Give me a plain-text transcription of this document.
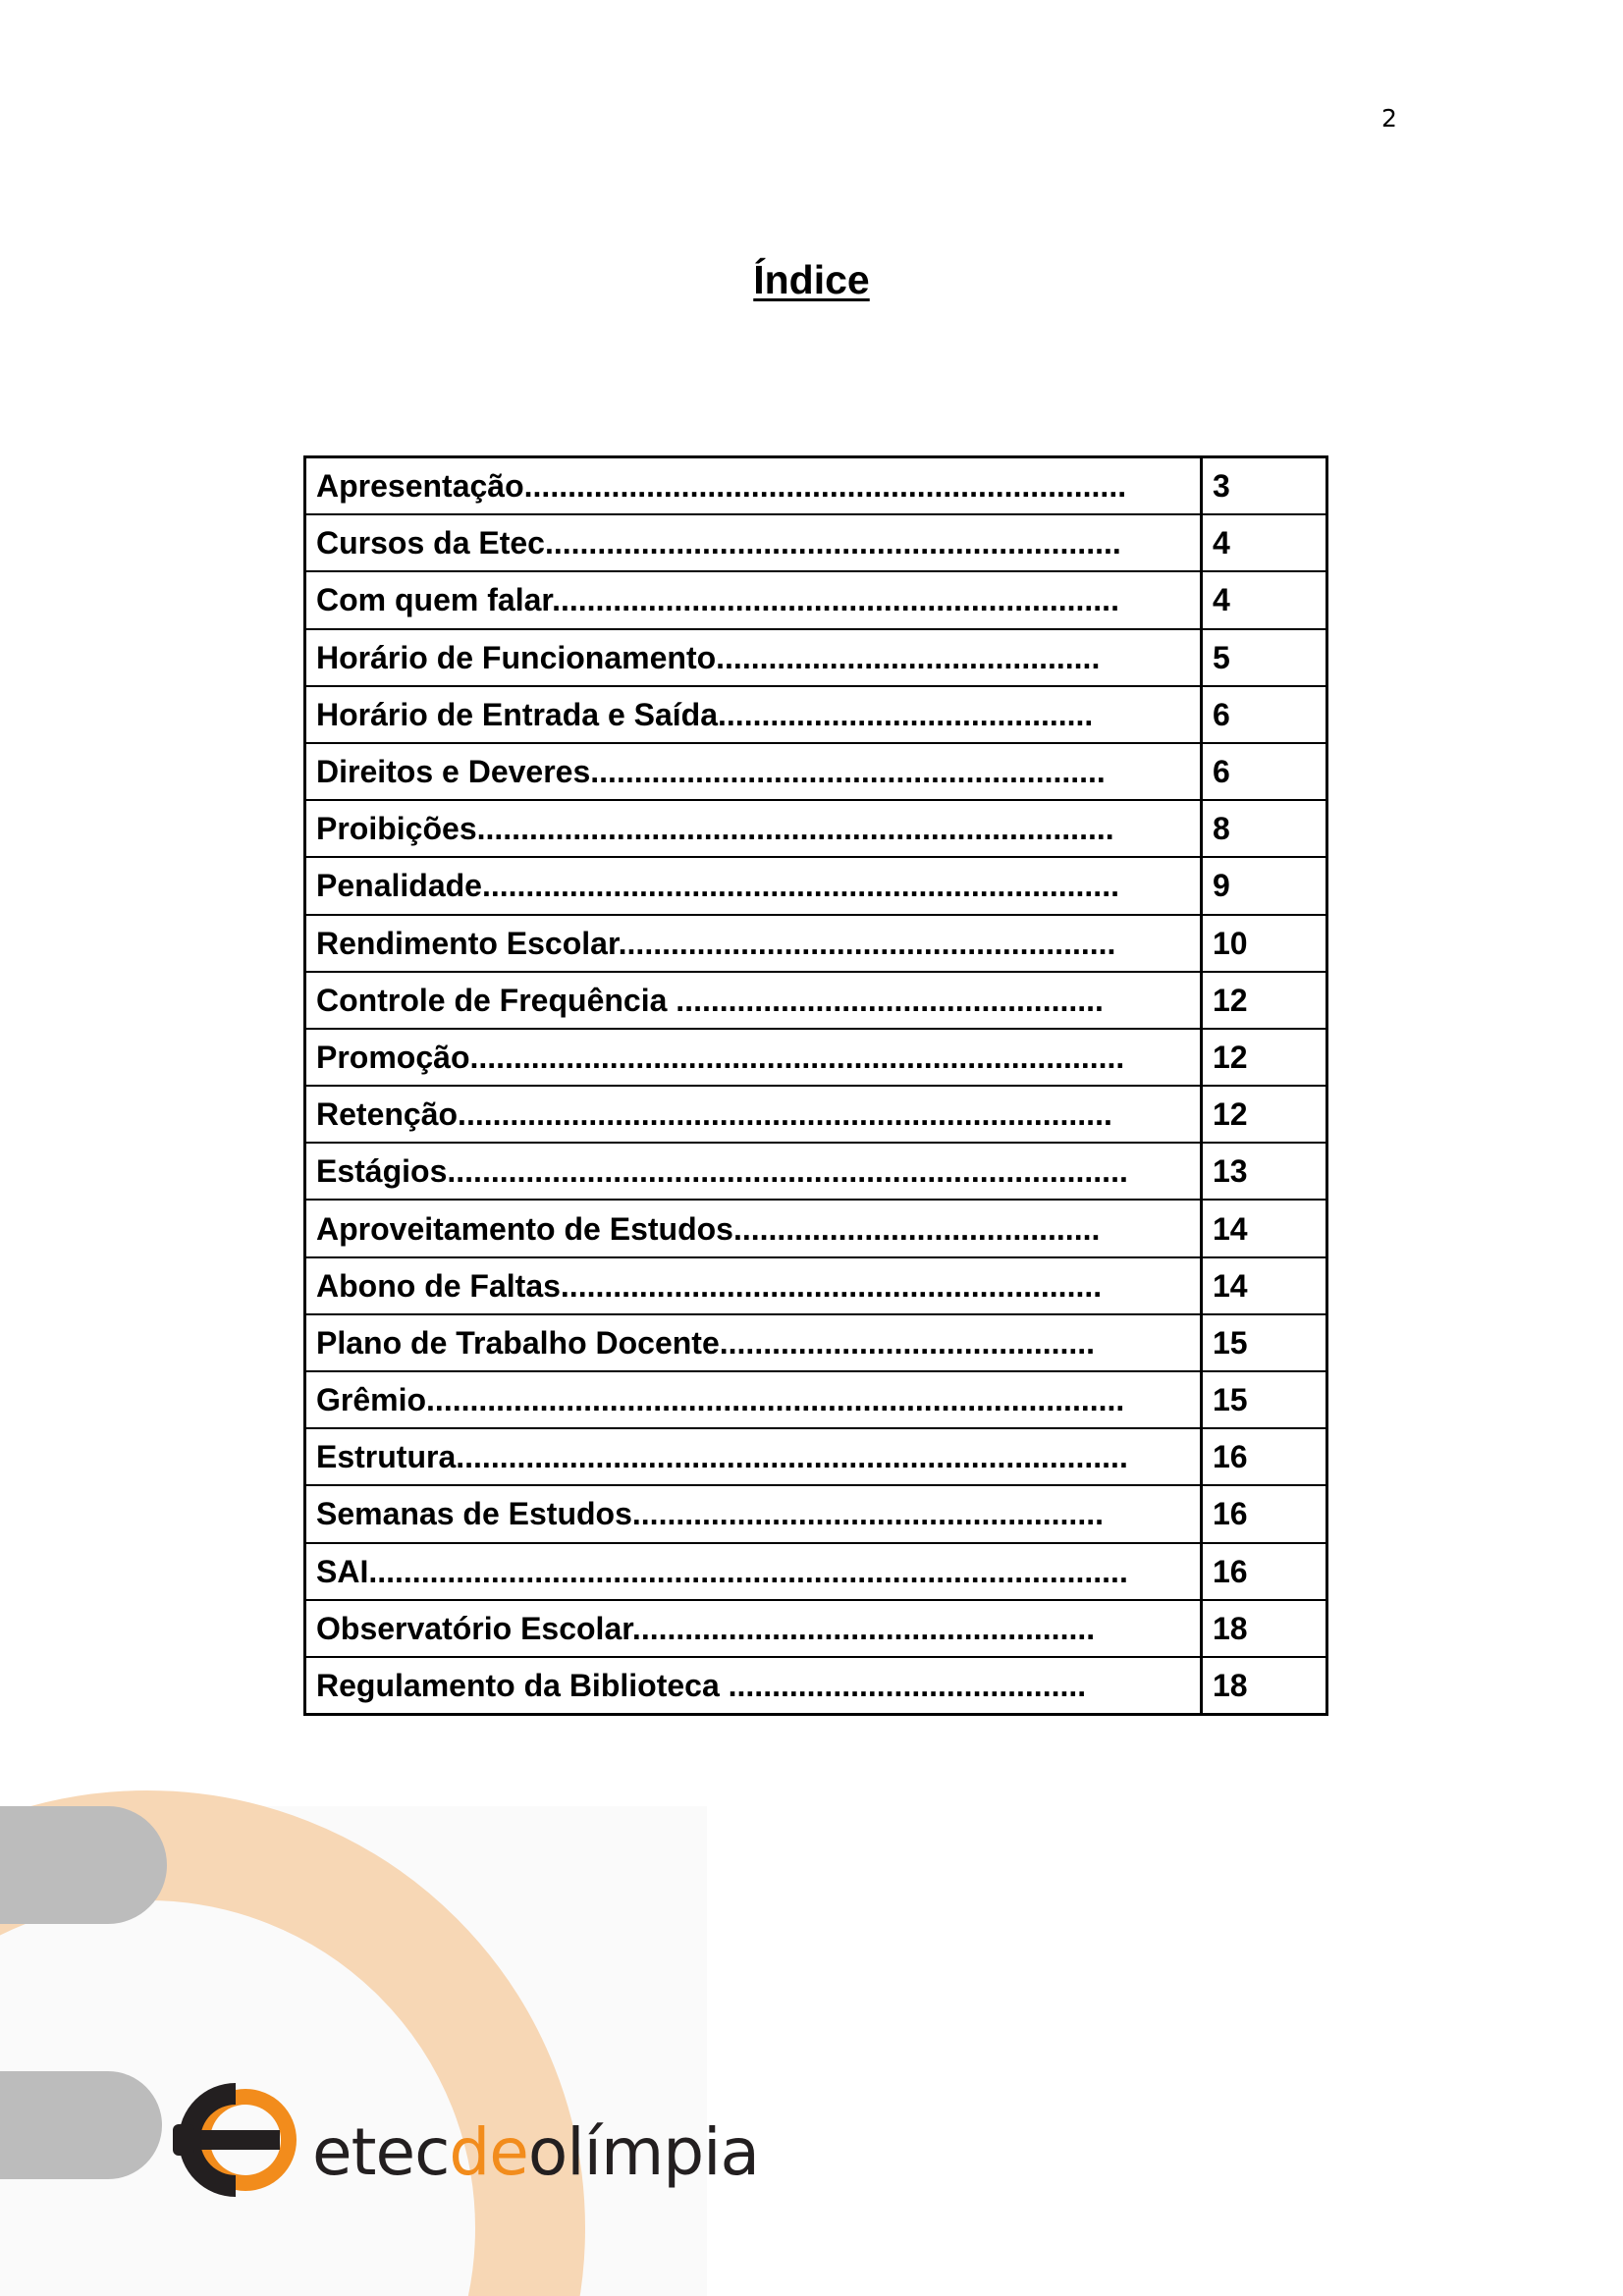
2
Índice
Apresentação.....................................................................	3
Cursos da Etec..................................................................	4
Com quem falar.................................................................	4
Horário de Funcionamento............................................	5
Horário de Entrada e Saída...........................................	6
Direitos e Deveres...........................................................	6
Proibições.........................................................................	8
Penalidade.........................................................................	9
Rendimento Escolar.........................................................	10
Controle de Frequência .................................................	12
Promoção...........................................................................	12
Retenção...........................................................................	12
Estágios..............................................................................	13
Aproveitamento de Estudos..........................................	14
Abono de Faltas..............................................................	14
Plano de Trabalho Docente...........................................	15
Grêmio................................................................................	15
Estrutura.............................................................................	16
Semanas de Estudos......................................................	16
SAI.......................................................................................	16
Observatório Escolar.....................................................	18
Regulamento da Biblioteca .........................................	18
etecdeolímpia
